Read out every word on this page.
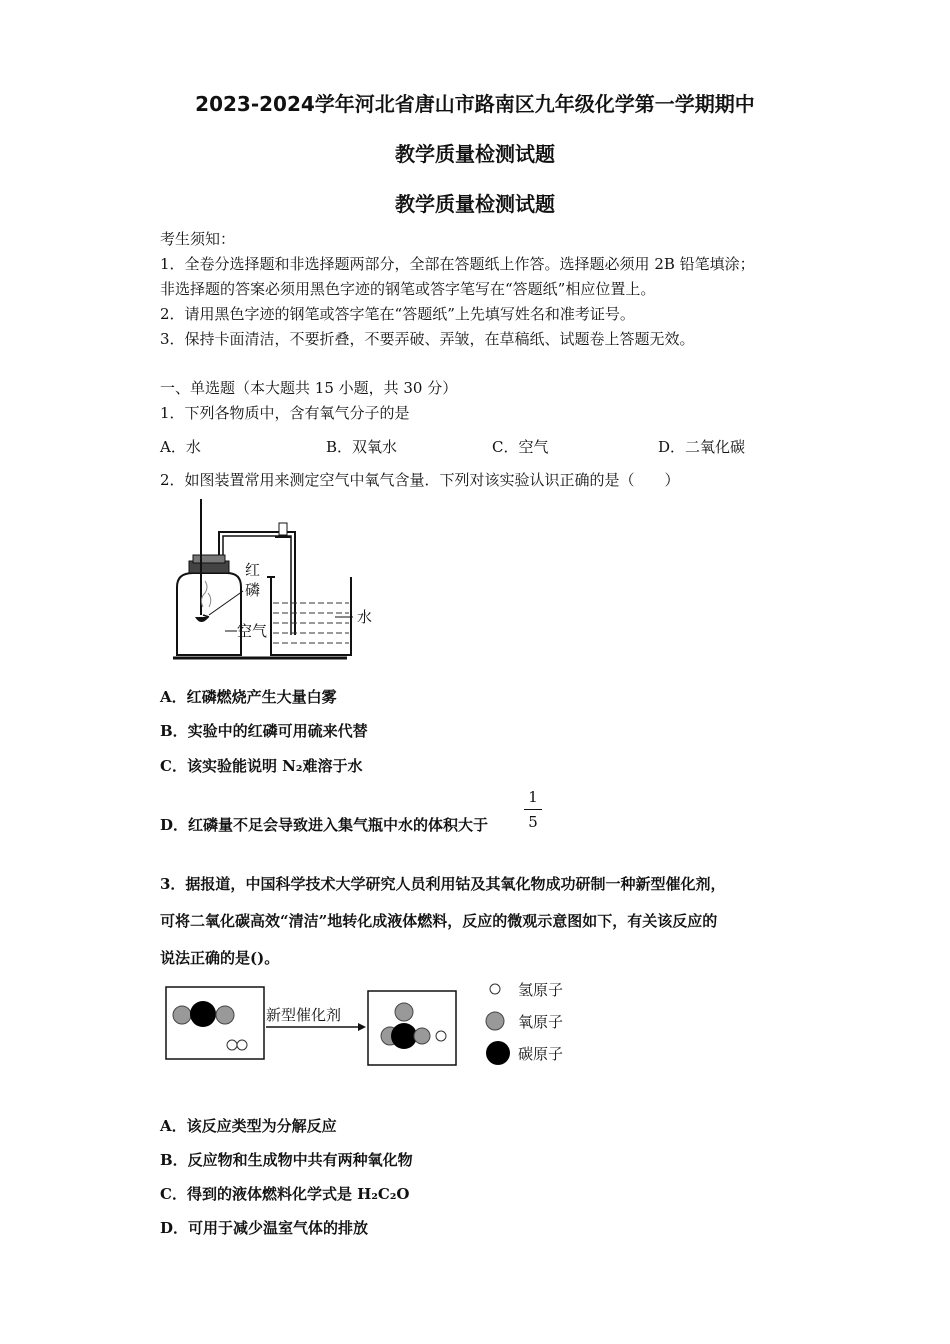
2023-2024学年河北省唐山市路南区九年级化学第一学期期中
教学质量检测试题
教学质量检测试题
考生须知：
1．全卷分选择题和非选择题两部分，全部在答题纸上作答。选择题必须用 2B 铅笔填涂；
非选择题的答案必须用黑色字迹的钢笔或答字笔写在“答题纸”相应位置上。
2．请用黑色字迹的钢笔或答字笔在“答题纸”上先填写姓名和准考证号。
3．保持卡面清洁，不要折叠，不要弄破、弄皱，在草稿纸、试题卷上答题无效。
一、单选题（本大题共 15 小题，共 30 分）
1．下列各物质中，含有氧气分子的是
A．水	B．双氧水	C．空气	D．二氧化碳
2．如图装置常用来测定空气中氧气含量．下列对该实验认识正确的是（　　）
红
磷
空气
水
A．红磷燃烧产生大量白雾
B．实验中的红磷可用硫来代替
C．该实验能说明 N₂难溶于水
D．红磷量不足会导致进入集气瓶中水的体积大于
1
5
3．据报道，中国科学技术大学研究人员利用钴及其氧化物成功研制一种新型催化剂，
可将二氧化碳高效“清洁”地转化成液体燃料，反应的微观示意图如下，有关该反应的
说法正确的是()。
新型催化剂
氢原子
氧原子
碳原子
A．该反应类型为分解反应
B．反应物和生成物中共有两种氧化物
C．得到的液体燃料化学式是 H₂C₂O
D．可用于减少温室气体的排放
